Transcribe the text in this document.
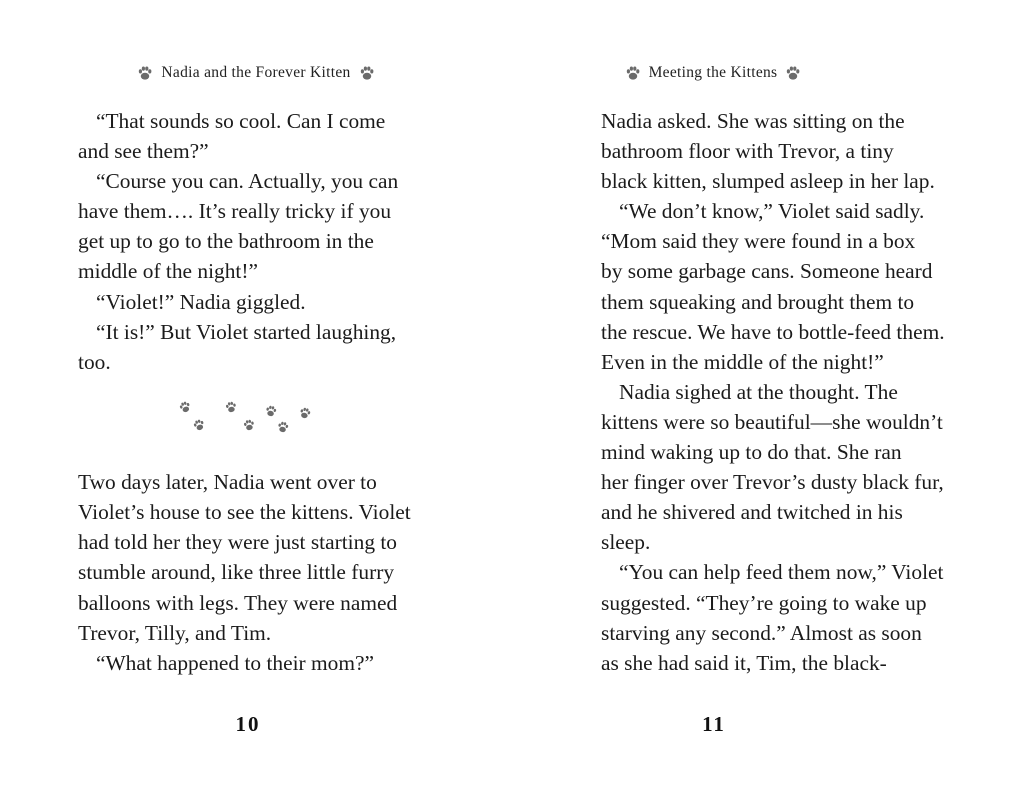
Nadia and the Forever Kitten
“That sounds so cool. Can I come
and see them?”
“Course you can. Actually, you can
have them…. It’s really tricky if you
get up to go to the bathroom in the
middle of the night!”
“Violet!” Nadia giggled.
“It is!” But Violet started laughing,
too.
Two days later, Nadia went over to
Violet’s house to see the kittens. Violet
had told her they were just starting to
stumble around, like three little furry
balloons with legs. They were named
Trevor, Tilly, and Tim.
“What happened to their mom?”
10
Meeting the Kittens
Nadia asked. She was sitting on the
bathroom floor with Trevor, a tiny
black kitten, slumped asleep in her lap.
“We don’t know,” Violet said sadly.
“Mom said they were found in a box
by some garbage cans. Someone heard
them squeaking and brought them to
the rescue. We have to bottle-feed them.
Even in the middle of the night!”
Nadia sighed at the thought. The
kittens were so beautiful—she wouldn’t
mind waking up to do that. She ran
her finger over Trevor’s dusty black fur,
and he shivered and twitched in his
sleep.
“You can help feed them now,” Violet
suggested. “They’re going to wake up
starving any second.” Almost as soon
as she had said it, Tim, the black-
11
